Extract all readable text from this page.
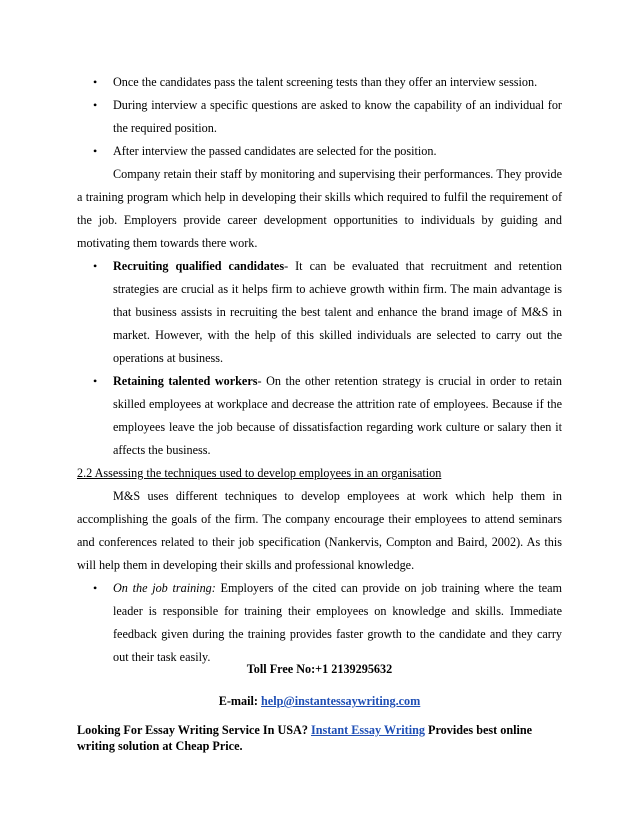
• Once the candidates pass the talent screening tests than they offer an interview session.
• During interview a specific questions are asked to know the capability of an individual for the required position.
• After interview the passed candidates are selected for the position.

Company retain their staff by monitoring and supervising their performances. They provide a training program which help in developing their skills which required to fulfil the requirement of the job. Employers provide career development opportunities to individuals by guiding and motivating them towards there work.

• Recruiting qualified candidates- It can be evaluated that recruitment and retention strategies are crucial as it helps firm to achieve growth within firm. The main advantage is that business assists in recruiting the best talent and enhance the brand image of M&S in market. However, with the help of this skilled individuals are selected to carry out the operations at business.
• Retaining talented workers- On the other retention strategy is crucial in order to retain skilled employees at workplace and decrease the attrition rate of employees. Because if the employees leave the job because of dissatisfaction regarding work culture or salary then it affects the business.

2.2 Assessing the techniques used to develop employees in an organisation

M&S uses different techniques to develop employees at work which help them in accomplishing the goals of the firm. The company encourage their employees to attend seminars and conferences related to their job specification (Nankervis, Compton and Baird, 2002). As this will help them in developing their skills and professional knowledge.

• On the job training: Employers of the cited can provide on job training where the team leader is responsible for training their employees on knowledge and skills. Immediate feedback given during the training provides faster growth to the candidate and they carry out their task easily.
Toll Free No:+1 2139295632
E-mail: help@instantessaywriting.com
Looking For Essay Writing Service In USA? Instant Essay Writing Provides best online writing solution at Cheap Price.
